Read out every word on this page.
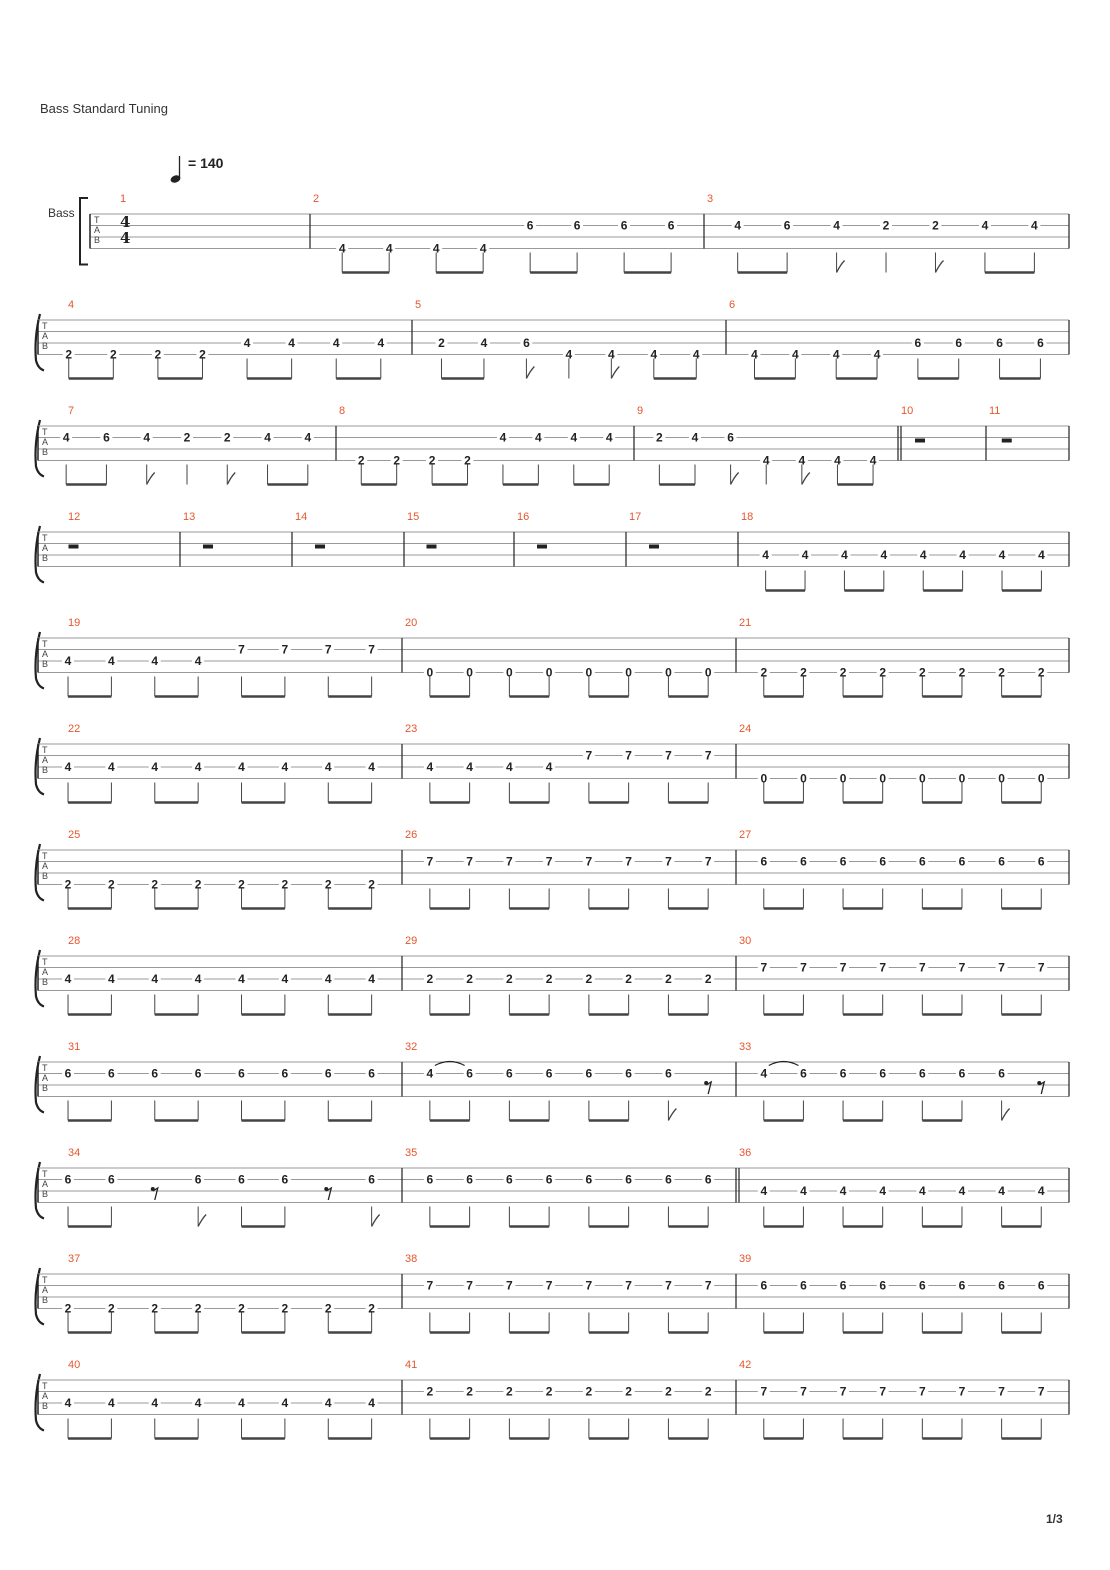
Bass Standard Tuning
= 140
Bass T
A
B
4
4
1	2
4	4	4	4
6	6	6	6
3
4	6	4	2	2	4	4
T
A
B
4
2	2	2	2
4	4	4	4
5
2	4	6
4	4	4	4
6
4	4	4	4
6	6	6	6
T
A
B
7
4	6	4	2	2	4	4
8
2 2 2 2
4 4 4 4
9
2 4 6
4 4 4 4
10	11
T
A
B
12	13	14	15	16	17	18
4	4	4	4	4	4	4	4
T
A
B
19
4	4	4	4
7	7	7	7
20
0	0	0	0	0	0	0	0
21
2	2	2	2	2	2	2	2
T
A
B
22
4	4	4	4	4	4	4	4
23
4	4	4	4
7	7	7	7
24
0	0	0	0	0	0	0	0
T
A
B
25
2	2	2	2	2	2	2	2
26
7	7	7	7	7	7	7	7
27
6	6	6	6	6	6	6	6
T
A
B
28
4	4	4	4	4	4	4	4
29
2	2	2	2	2	2	2	2
30
7	7	7	7	7	7	7	7
T
A
B
31
6	6	6	6	6	6	6	6
32
4	6	6	6	6	6	6
33
4	6	6	6	6	6	6
T
A
B
34
6	6	6	6	6	6
35
6	6	6	6	6	6	6	6
36
4	4	4	4	4	4	4	4
T
A
B
37
2	2	2	2	2	2	2	2
38
7	7	7	7	7	7	7	7
39
6	6	6	6	6	6	6	6
T
A
B
40
4	4	4	4	4	4	4	4
41
2	2	2	2	2	2	2	2
42
7	7	7	7	7	7	7	7
1/3
